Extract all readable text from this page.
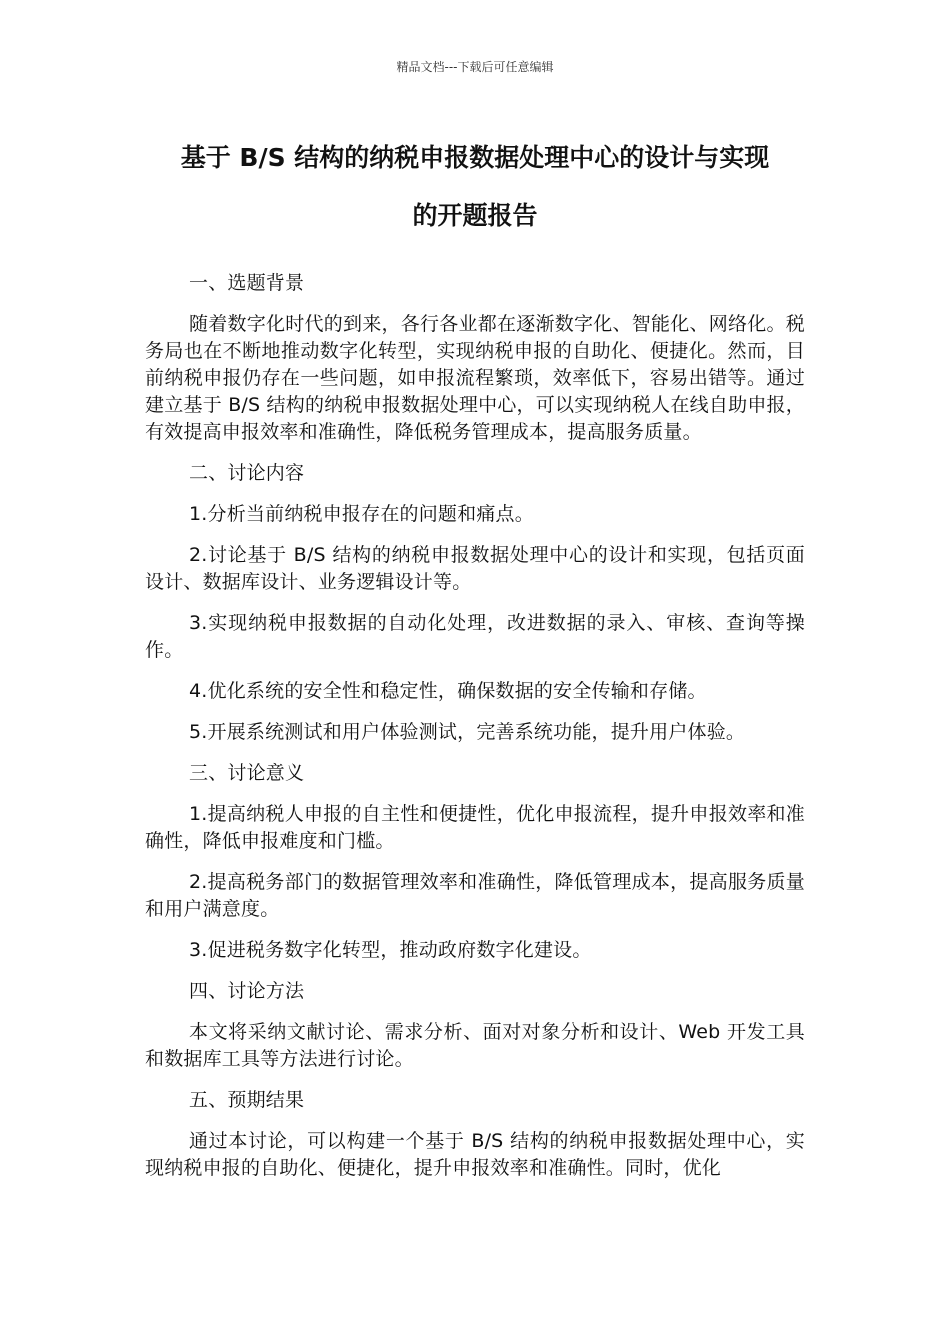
精品文档---下载后可任意编辑
基于 B/S 结构的纳税申报数据处理中心的设计与实现
的开题报告

一、选题背景

随着数字化时代的到来，各行各业都在逐渐数字化、智能化、网络化。税务局也在不断地推动数字化转型，实现纳税申报的自助化、便捷化。然而，目前纳税申报仍存在一些问题，如申报流程繁琐，效率低下，容易出错等。通过建立基于 B/S 结构的纳税申报数据处理中心，可以实现纳税人在线自助申报，有效提高申报效率和准确性，降低税务管理成本，提高服务质量。

二、讨论内容

1.分析当前纳税申报存在的问题和痛点。

2.讨论基于 B/S 结构的纳税申报数据处理中心的设计和实现，包括页面设计、数据库设计、业务逻辑设计等。

3.实现纳税申报数据的自动化处理，改进数据的录入、审核、查询等操作。

4.优化系统的安全性和稳定性，确保数据的安全传输和存储。

5.开展系统测试和用户体验测试，完善系统功能，提升用户体验。

三、讨论意义

1.提高纳税人申报的自主性和便捷性，优化申报流程，提升申报效率和准确性，降低申报难度和门槛。

2.提高税务部门的数据管理效率和准确性，降低管理成本，提高服务质量和用户满意度。

3.促进税务数字化转型，推动政府数字化建设。

四、讨论方法

本文将采纳文献讨论、需求分析、面对对象分析和设计、Web 开发工具和数据库工具等方法进行讨论。

五、预期结果

通过本讨论，可以构建一个基于 B/S 结构的纳税申报数据处理中心，实现纳税申报的自助化、便捷化，提升申报效率和准确性。同时，优化
